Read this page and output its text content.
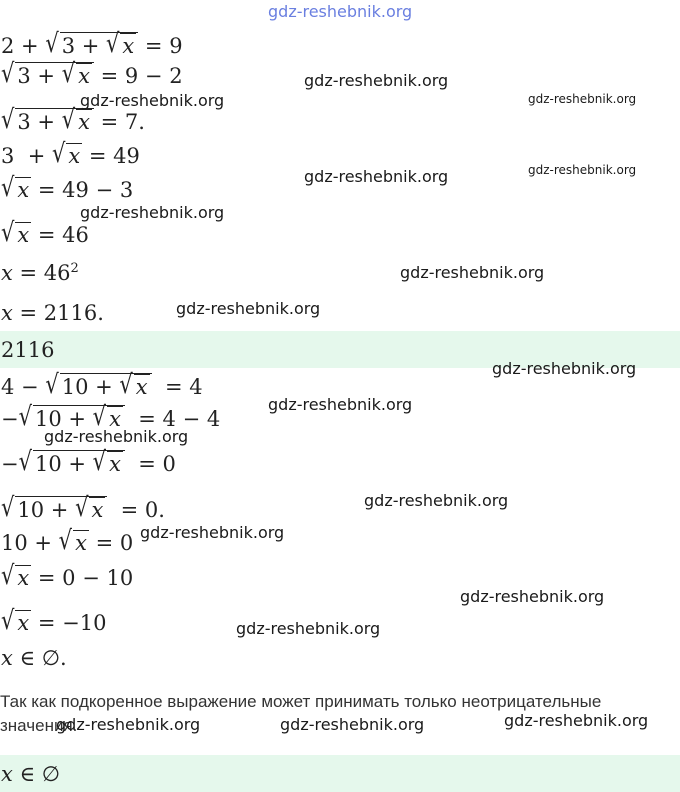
2 + √ 3 + √ x = 9
√ 3 + √ x = 9 − 2
√ 3 + √ x = 7.
3  + √ x = 49
√ x = 49 − 3
√ x = 46
$x = 46^2$
x = 2116.
2116
4 − √ 10 + √ x  = 4
−√ 10 + √ x  = 4 − 4
−√ 10 + √ x  = 0
√ 10 + √ x  = 0.
10 + √ x = 0
√ x = 0 − 10
√ x = −10
x ∈ ∅.
Так как подкоренное выражение может принимать только неотрицательные значения.
x ∈ ∅
gdz-reshebnik.org
gdz-reshebnik.org
gdz-reshebnik.org	gdz-reshebnik.org
gdz-reshebnik.org	gdz-reshebnik.org
gdz-reshebnik.org
gdz-reshebnik.org
gdz-reshebnik.org
gdz-reshebnik.org
gdz-reshebnik.org
gdz-reshebnik.org
gdz-reshebnik.org
gdz-reshebnik.org
gdz-reshebnik.org
gdz-reshebnik.org
gdz-reshebnik.org	gdz-reshebnik.org	gdz-reshebnik.org
